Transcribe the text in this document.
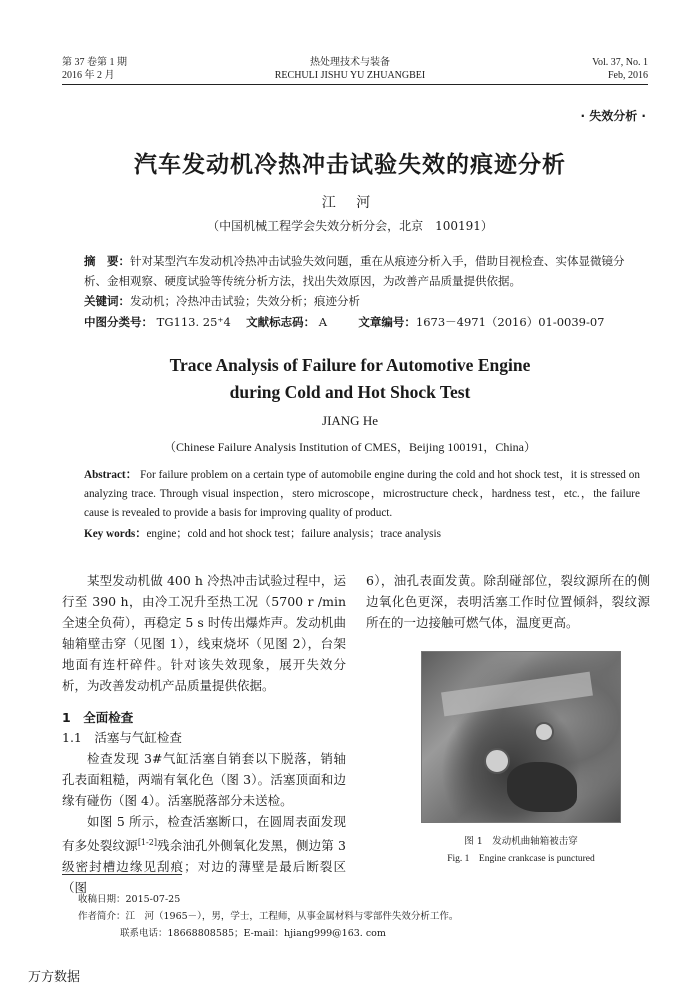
第 37 卷第 1 期
2016 年 2 月
热处理技术与装备
RECHULI JISHU YU ZHUANGBEI
Vol. 37, No. 1
Feb, 2016
· 失效分析 ·
汽车发动机冷热冲击试验失效的痕迹分析
江 河
（中国机械工程学会失效分析分会，北京　100191）
摘　要：针对某型汽车发动机冷热冲击试验失效问题，重在从痕迹分析入手，借助目视检查、实体显微镜分析、金相观察、硬度试验等传统分析方法，找出失效原因，为改善产品质量提供依据。
关键词：发动机；冷热冲击试验；失效分析；痕迹分析
中图分类号： TG113. 25⁺4 文献标志码： A	文章编号：1673－4971（2016）01-0039-07
Trace Analysis of Failure for Automotive Engine
during Cold and Hot Shock Test
JIANG He
（Chinese Failure Analysis Institution of CMES，Beijing 100191，China）
Abstract： For failure problem on a certain type of automobile engine during the cold and hot shock test，it is stressed on analyzing trace. Through visual inspection，stero microscope，microstructure check，hardness test，etc.，the failure cause is revealed to provide a basis for improving quality of product.
Key words：engine；cold and hot shock test；failure analysis；trace analysis
某型发动机做 400 h 冷热冲击试验过程中，运行至 390 h，由冷工况升至热工况（5700 r /min 全速全负荷），再稳定 5 s 时传出爆炸声。发动机曲轴箱壁击穿（见图 1），线束烧坏（见图 2），台架地面有连杆碎件。针对该失效现象，展开失效分析，为改善发动机产品质量提供依据。
1　全面检查
1.1　活塞与气缸检查
检查发现 3#气缸活塞自销套以下脱落，销轴孔表面粗糙，两端有氧化色（图 3）。活塞顶面和边缘有碰伤（图 4）。活塞脱落部分未送检。
如图 5 所示，检查活塞断口，在圆周表面发现有多处裂纹源[1-2]残余油孔外侧氧化发黑，侧边第 3 级密封槽边缘见刮痕；对边的薄壁是最后断裂区（图
6），油孔表面发黄。除刮碰部位，裂纹源所在的侧边氧化色更深，表明活塞工作时位置倾斜，裂纹源所在的一边接触可燃气体，温度更高。
图 1　发动机曲轴箱被击穿
Fig. 1　Engine crankcase is punctured
收稿日期：2015-07-25
作者简介：江　河（1965－），男，学士，工程师，从事金属材料与零部件失效分析工作。
联系电话：18668808585；E-mail：hjiang999@163. com
万方数据
